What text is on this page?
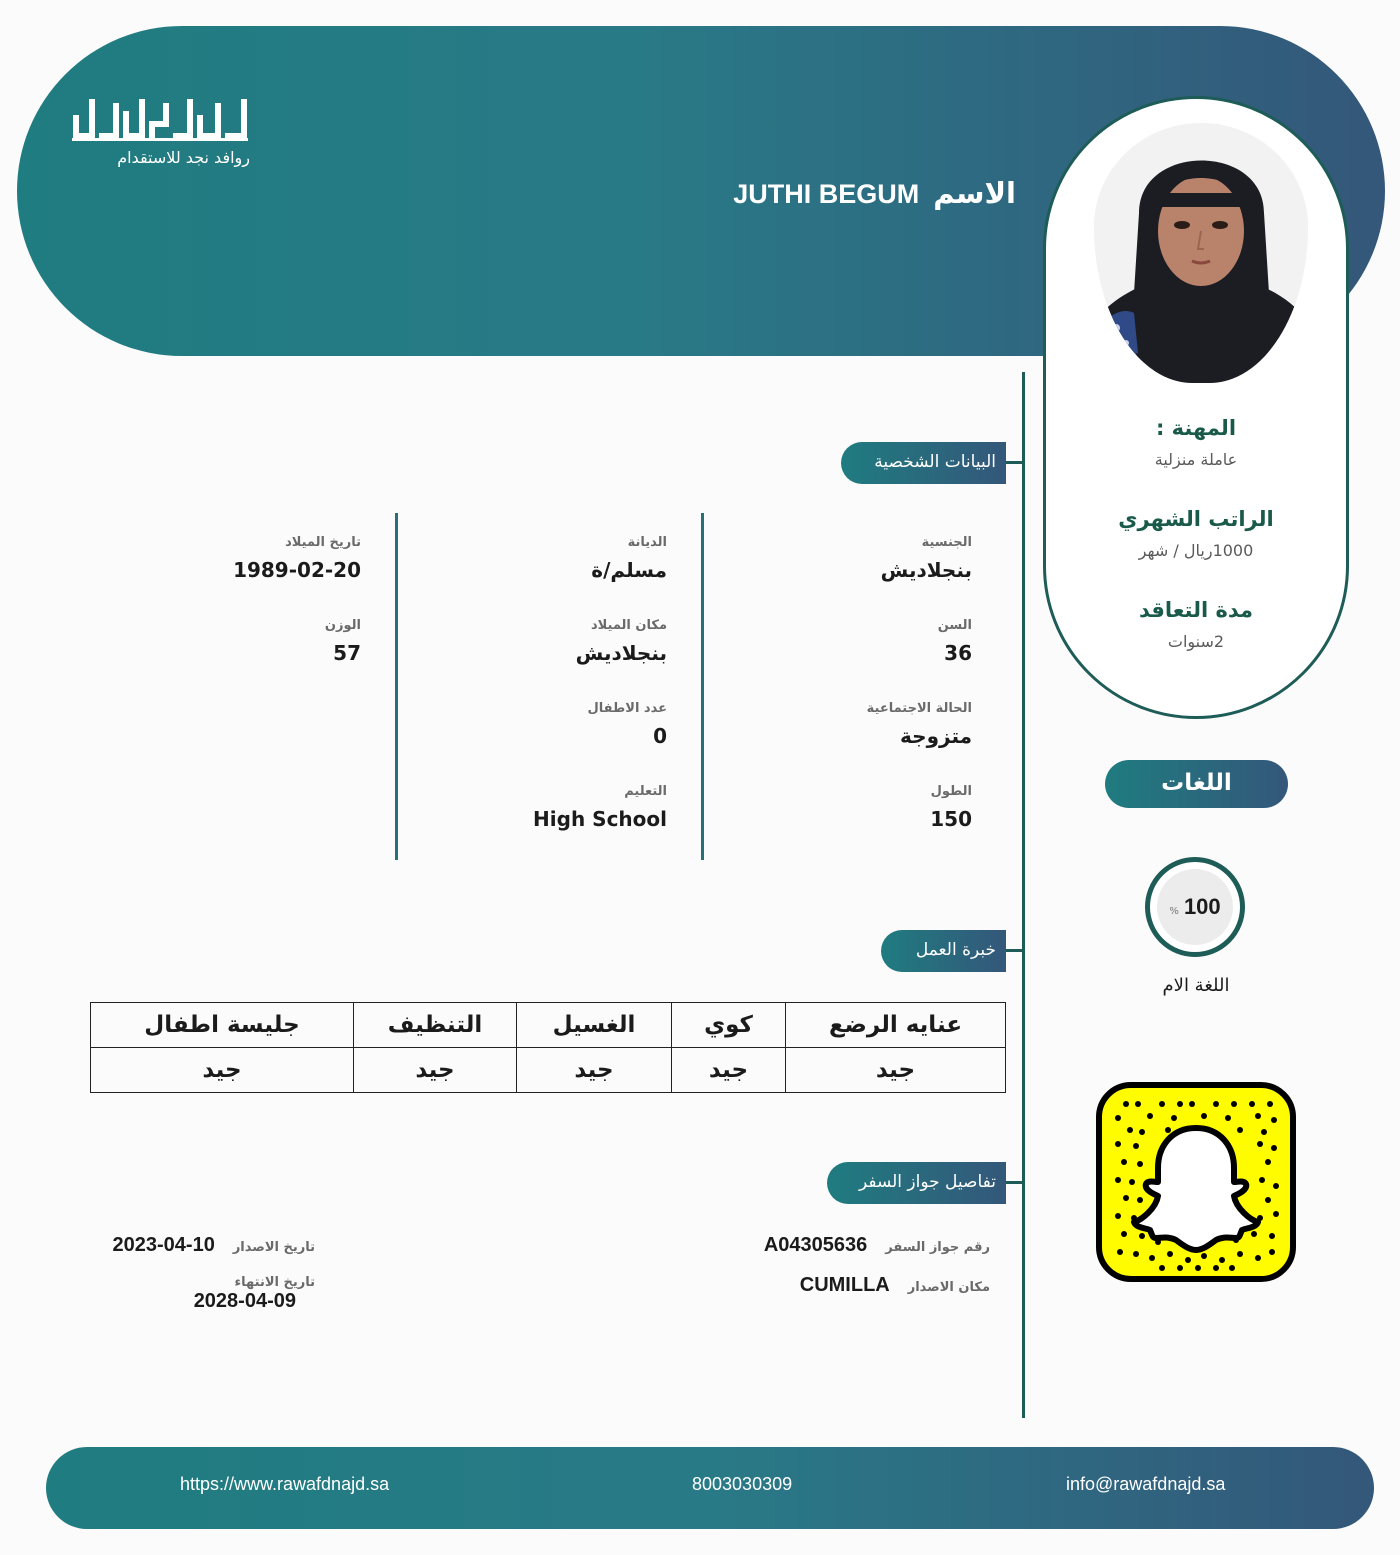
روافد نجد للاستقدام
الاسم
JUTHI BEGUM
المهنة :
عاملة منزلية
الراتب الشهري
1000ريال / شهر
مدة التعاقد
2سنوات
اللغات
% 100
اللغة الام
البيانات الشخصية
خبرة العمل
تفاصيل جواز السفر
الجنسية
بنجلاديش
السن
36
الحالة الاجتماعية
متزوجة
الطول
150
الديانة
مسلم/ة
مكان الميلاد
بنجلاديش
عدد الاطفال
0
التعليم
High School
تاريخ الميلاد
1989-02-20
الوزن
57
عنايه الرضع	كوي	الغسيل	التنظيف	جليسة اطفال
جيد	جيد	جيد	جيد	جيد
رقم جواز السفر
A04305636
مكان الاصدار
CUMILLA
تاريخ الاصدار
2023-04-10
تاريخ الانتهاء
2028-04-09
https://www.rawafdnajd.sa	8003030309	info@rawafdnajd.sa
